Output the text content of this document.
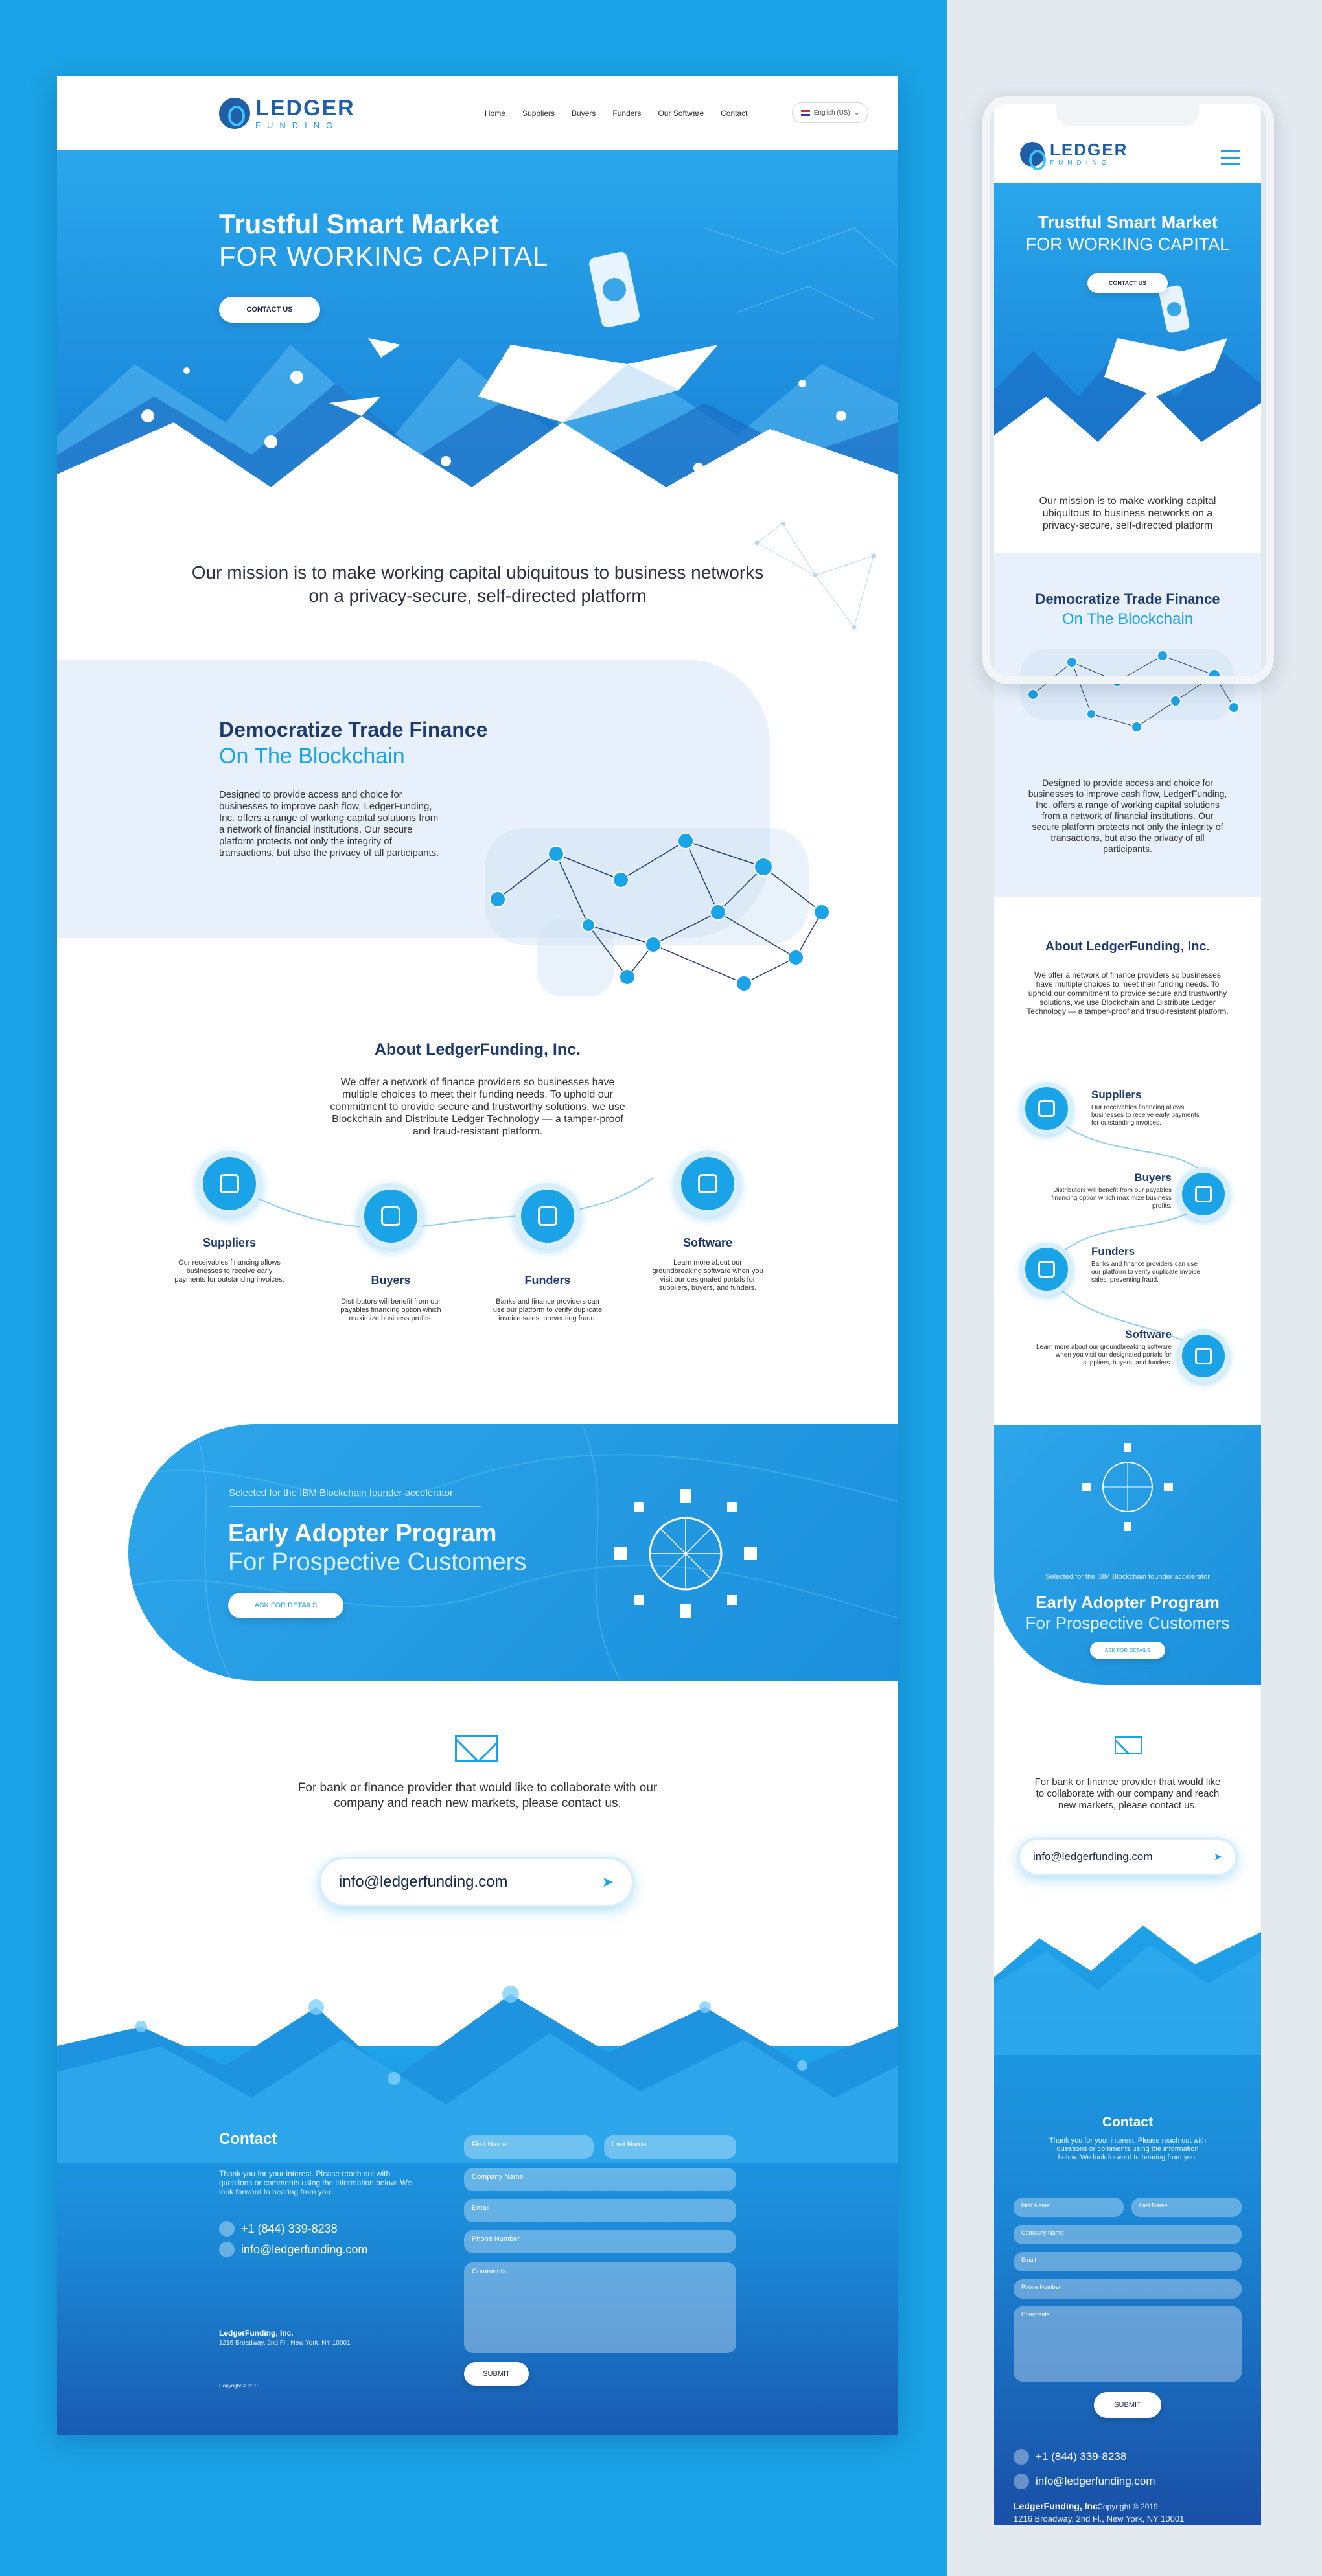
LEDGER
FUNDING
Home Suppliers Buyers Funders Our Software Contact	English (US) ⌄
CONTACT US
Trustful Smart Market
FOR WORKING CAPITAL
Our mission is to make working capital ubiquitous to business networks on a privacy-secure, self-directed platform
Democratize Trade Finance
On The Blockchain
Designed to provide access and choice for businesses to improve cash flow, LedgerFunding, Inc. offers a range of working capital solutions from a network of financial institutions. Our secure platform protects not only the integrity of transactions, but also the privacy of all participants.
About LedgerFunding, Inc.
We offer a network of finance providers so businesses have multiple choices to meet their funding needs. To uphold our commitment to provide secure and trustworthy solutions, we use Blockchain and Distribute Ledger Technology — a tamper-proof and fraud-resistant platform.
Suppliers
Our receivables financing allows businesses to receive early payments for outstanding invoices.	Buyers
Distributors will benefit from our payables financing option which maximize business profits.
Funders
Banks and finance providers can use our platform to verify duplicate invoice sales, preventing fraud.
Software
Learn more about our groundbreaking software when you visit our designated portals for suppliers, buyers, and funders.
Selected for the IBM Blockchain founder accelerator
Early Adopter Program
For Prospective Customers
ASK FOR DETAILS
For bank or finance provider that would like to collaborate with our company and reach new markets, please contact us.
info@ledgerfunding.com	➤
Contact
Thank you for your interest. Please reach out with questions or comments using the information below. We look forward to hearing from you.
+1 (844) 339-8238
info@ledgerfunding.com
First Name	Last Name
Company Name
Email
Phone Number
Comments
SUBMIT
LedgerFunding, Inc.
1216 Broadway, 2nd Fl., New York, NY 10001
Copyright © 2019
LEDGER
FUNDING
Trustful Smart Market
FOR WORKING CAPITAL
CONTACT US
Our mission is to make working capital ubiquitous to business networks on a privacy-secure, self-directed platform
Democratize Trade Finance
On The Blockchain
Designed to provide access and choice for businesses to improve cash flow, LedgerFunding, Inc. offers a range of working capital solutions from a network of financial institutions. Our secure platform protects not only the integrity of transactions, but also the privacy of all participants.
About LedgerFunding, Inc.
We offer a network of finance providers so businesses have multiple choices to meet their funding needs. To uphold our commitment to provide secure and trustworthy solutions, we use Blockchain and Distribute Ledger Technology — a tamper-proof and fraud-resistant platform.
Suppliers
Our receivables financing allows businesses to receive early payments for outstanding invoices.
Buyers
Distributors will benefit from our payables financing option which maximize business profits.
Funders
Banks and finance providers can use our platform to verify duplicate invoice sales, preventing fraud.
Software
Learn more about our groundbreaking software when you visit our designated portals for suppliers, buyers, and funders.
Selected for the IBM Blockchain founder accelerator
Early Adopter Program
For Prospective Customers
ASK FOR DETAILS
For bank or finance provider that would like to collaborate with our company and reach new markets, please contact us.
info@ledgerfunding.com	➤
Contact
Thank you for your interest. Please reach out with questions or comments using the information below. We look forward to hearing from you.
First Name	Last Name
Company Name
Email
Phone Number
Comments
SUBMIT
+1 (844) 339-8238
info@ledgerfunding.com
LedgerFunding, Inc.
1216 Broadway, 2nd Fl., New York, NY 10001
Copyright © 2019
